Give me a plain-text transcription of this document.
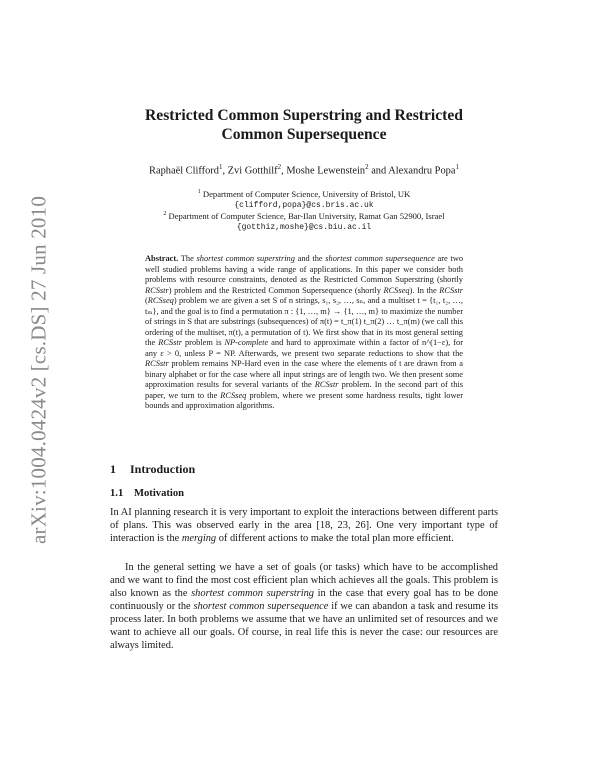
arXiv:1004.0424v2 [cs.DS] 27 Jun 2010
Restricted Common Superstring and Restricted
Common Supersequence
Raphaël Clifford$^1$, Zvi Gotthilf$^2$, Moshe Lewenstein$^2$ and Alexandru Popa$^1$
$^1$ Department of Computer Science, University of Bristol, UK
{clifford,popa}@cs.bris.ac.uk
$^2$ Department of Computer Science, Bar-Ilan University, Ramat Gan 52900, Israel
{gotthiz,moshe}@cs.biu.ac.il
Abstract. The shortest common superstring and the shortest common supersequence are two well studied problems having a wide range of applications. In this paper we consider both problems with resource constraints, denoted as the Restricted Common Superstring (shortly RCSstr) problem and the Restricted Common Supersequence (shortly RCSseq). In the RCSstr (RCSseq) problem we are given a set S of n strings, s₁, s₂, …, sₙ, and a multiset t = {t₁, t₂, …, tₘ}, and the goal is to find a permutation π : {1, …, m} → {1, …, m} to maximize the number of strings in S that are substrings (subsequences) of π(t) = t_π(1) t_π(2) … t_π(m) (we call this ordering of the multiset, π(t), a permutation of t). We first show that in its most general setting the RCSstr problem is NP-complete and hard to approximate within a factor of n^(1−ε), for any ε > 0, unless P = NP. Afterwards, we present two separate reductions to show that the RCSstr problem remains NP-Hard even in the case where the elements of t are drawn from a binary alphabet or for the case where all input strings are of length two. We then present some approximation results for several variants of the RCSstr problem. In the second part of this paper, we turn to the RCSseq problem, where we present some hardness results, tight lower bounds and approximation algorithms.
1 Introduction
1.1 Motivation
In AI planning research it is very important to exploit the interactions between different parts of plans. This was observed early in the area [18, 23, 26]. One very important type of interaction is the merging of different actions to make the total plan more efficient.
In the general setting we have a set of goals (or tasks) which have to be accomplished and we want to find the most cost efficient plan which achieves all the goals. This problem is also known as the shortest common superstring in the case that every goal has to be done continuously or the shortest common supersequence if we can abandon a task and resume its process later. In both problems we assume that we have an unlimited set of resources and we want to achieve all our goals. Of course, in real life this is never the case: our resources are always limited.
